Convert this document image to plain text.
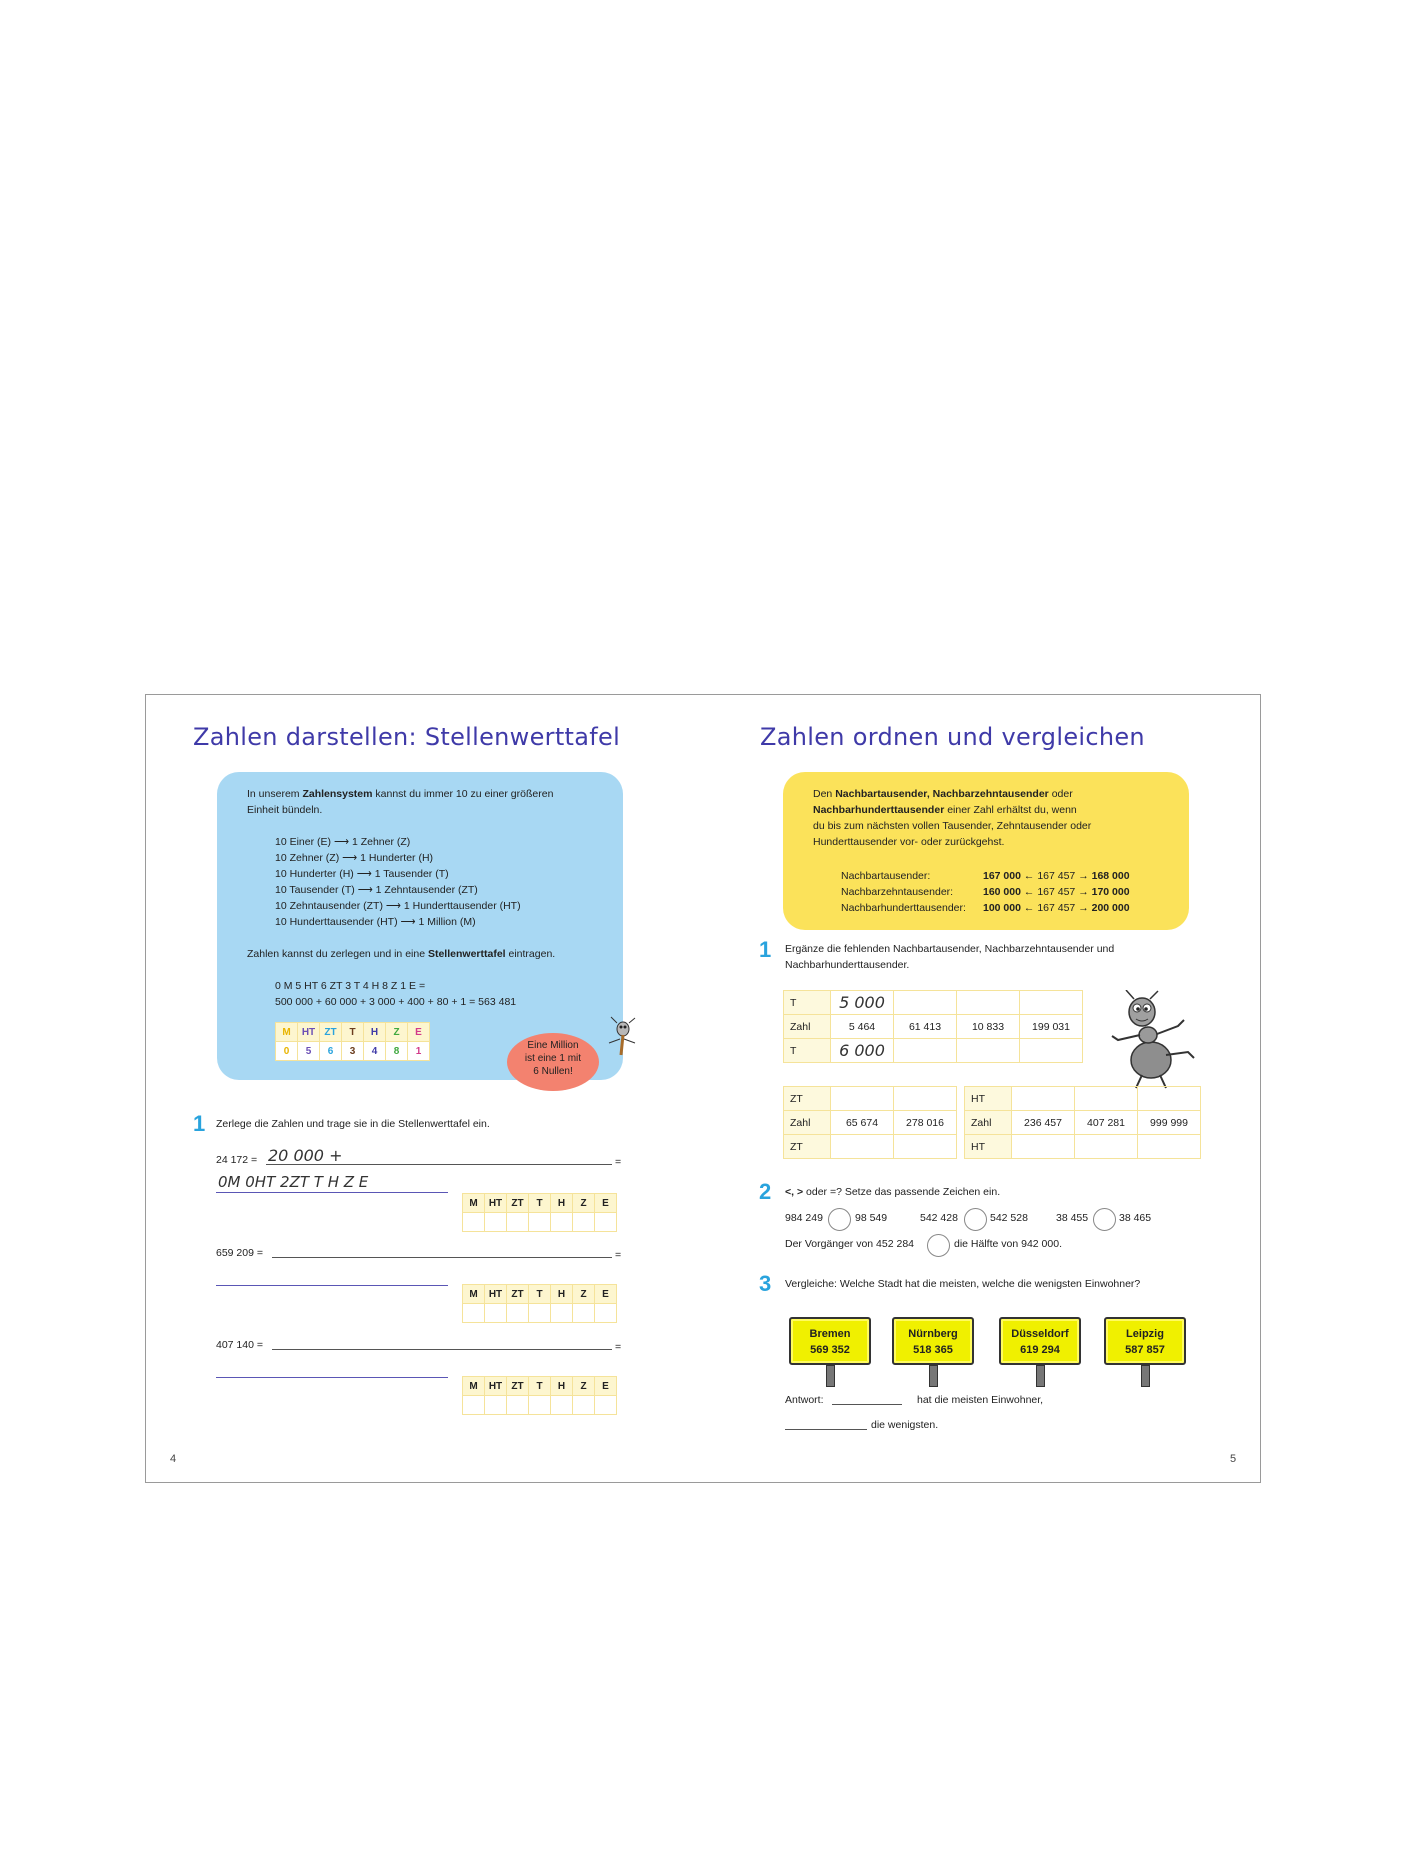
Zahlen darstellen: Stellenwerttafel
In unserem Zahlensystem kannst du immer 10 zu einer größeren
Einheit bündeln.
10 Einer (E) ⟶ 1 Zehner (Z)
10 Zehner (Z) ⟶ 1 Hunderter (H)
10 Hunderter (H) ⟶ 1 Tausender (T)
10 Tausender (T) ⟶ 1 Zehntausender (ZT)
10 Zehntausender (ZT) ⟶ 1 Hunderttausender (HT)
10 Hunderttausender (HT) ⟶ 1 Million (M)
Zahlen kannst du zerlegen und in eine Stellenwerttafel eintragen.
0 M 5 HT 6 ZT 3 T 4 H 8 Z 1 E =
500 000 + 60 000 + 3 000 + 400 + 80 + 1 = 563 481
M	HT	ZT	T	H	Z	E
0	5	6	3	4	8	1	Eine Million
ist eine 1 mit
6 Nullen!
1 Zerlege die Zahlen und trage sie in die Stellenwerttafel ein.
24 172 = 20 000 +	=
0M 0HT 2ZT T H Z E
M	HT	ZT	T	H	Z	E

659 209 =	=
M	HT	ZT	T	H	Z	E

407 140 =	=
M	HT	ZT	T	H	Z	E

4
Zahlen ordnen und vergleichen
Den Nachbartausender, Nachbarzehntausender oder
Nachbarhunderttausender einer Zahl erhältst du, wenn
du bis zum nächsten vollen Tausender, Zehntausender oder
Hunderttausender vor- oder zurückgehst.
Nachbartausender:	167 000 ← 167 457 → 168 000
Nachbarzehntausender:	160 000 ← 167 457 → 170 000
Nachbarhunderttausender: 100 000 ← 167 457 → 200 000
1 Ergänze die fehlenden Nachbartausender, Nachbarzehntausender und
Nachbarhunderttausender.
T	5 000			
Zahl	5 464	61 413	10 833	199 031
T	6 000			
ZT		
Zahl	65 674	278 016
ZT		
HT			
Zahl	236 457	407 281	999 999
HT			
2 <, > oder =? Setze das passende Zeichen ein.
984 249	98 549	542 428	542 528	38 455	38 465
Der Vorgänger von 452 284	die Hälfte von 942 000.
3 Vergleiche: Welche Stadt hat die meisten, welche die wenigsten Einwohner?
Bremen
569 352
Nürnberg
518 365
Düsseldorf
619 294
Leipzig
587 857
Antwort:	hat die meisten Einwohner,
die wenigsten.
5
